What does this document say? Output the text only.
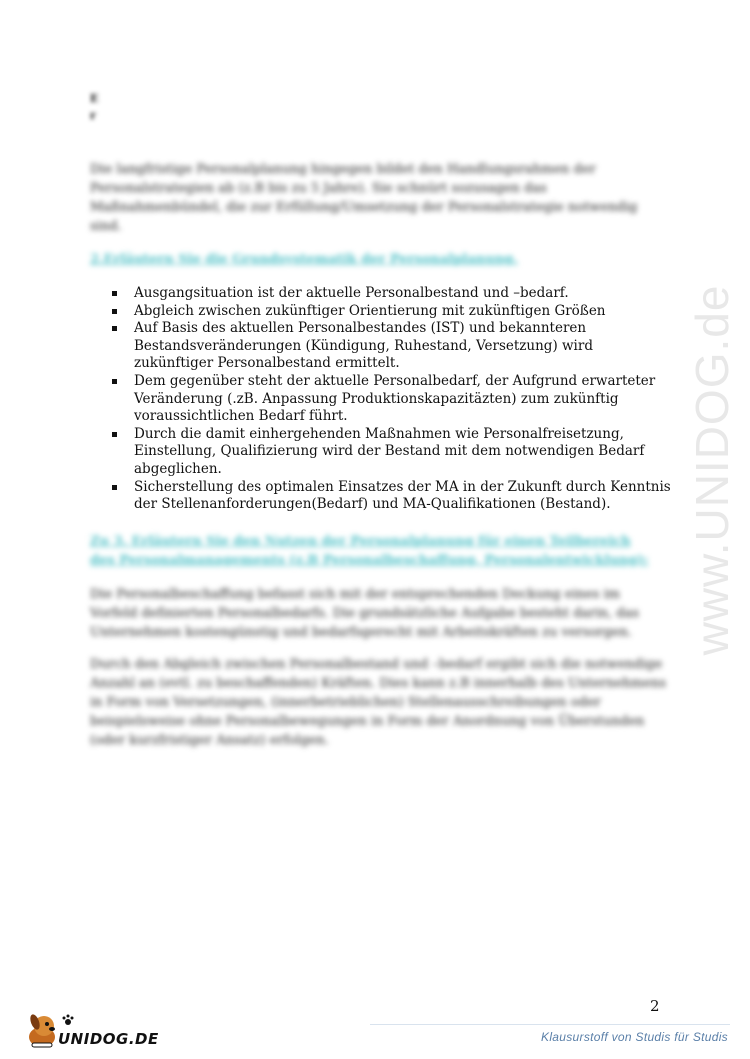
E
r
Die langfristige Personalplanung hingegen bildet den Handlungsrahmen der Personalstrategien ab (z.B bis zu 5 Jahre). Sie schnürt sozusagen das Maßnahmenbündel, die zur Erfüllung/Umsetzung der Personalstrategie notwendig sind.
2.Erläutern Sie die Grundsystematik der Personalplanung.
Ausgangsituation ist der aktuelle Personalbestand und –bedarf.
Abgleich zwischen zukünftiger Orientierung mit zukünftigen Größen
Auf Basis des aktuellen Personalbestandes (IST) und bekannteren Bestandsveränderungen (Kündigung, Ruhestand, Versetzung) wird zukünftiger Personalbestand ermittelt.
Dem gegenüber steht der aktuelle Personalbedarf, der Aufgrund erwarteter Veränderung (.zB. Anpassung Produktionskapazitäzten) zum zukünftig voraussichtlichen Bedarf führt.
Durch die damit einhergehenden Maßnahmen wie Personalfreisetzung, Einstellung, Qualifizierung wird der Bestand mit dem notwendigen Bedarf abgeglichen.
Sicherstellung des optimalen Einsatzes der MA in der Zukunft durch Kenntnis der Stellenanforderungen(Bedarf) und MA-Qualifikationen (Bestand).
Zu 3. Erläutern Sie den Nutzen der Personalplanung für einen Teilbereich des Personalmanagements (z.B Personalbeschaffung, Personalentwicklung):
Die Personalbeschaffung befasst sich mit der entsprechenden Deckung eines im Vorfeld definierten Personalbedarfs. Die grundsätzliche Aufgabe besteht darin, das Unternehmen kostengünstig und bedarfsgerecht mit Arbeitskräften zu versorgen.
Durch den Abgleich zwischen Personalbestand und –bedarf ergibt sich die notwendige Anzahl an (evtl. zu beschaffenden) Kräften. Dies kann z.B innerhalb des Unternehmens in Form von Versetzungen, (innerbetrieblichen) Stellenausschreibungen oder beispielsweise ohne Personalbewegungen in Form der Anordnung von Überstunden (oder kurzfristiger Ansatz) erfolgen.
www.UNIDOG.de
2
UNIDOG.DE	Klausurstoff von Studis für Studis
